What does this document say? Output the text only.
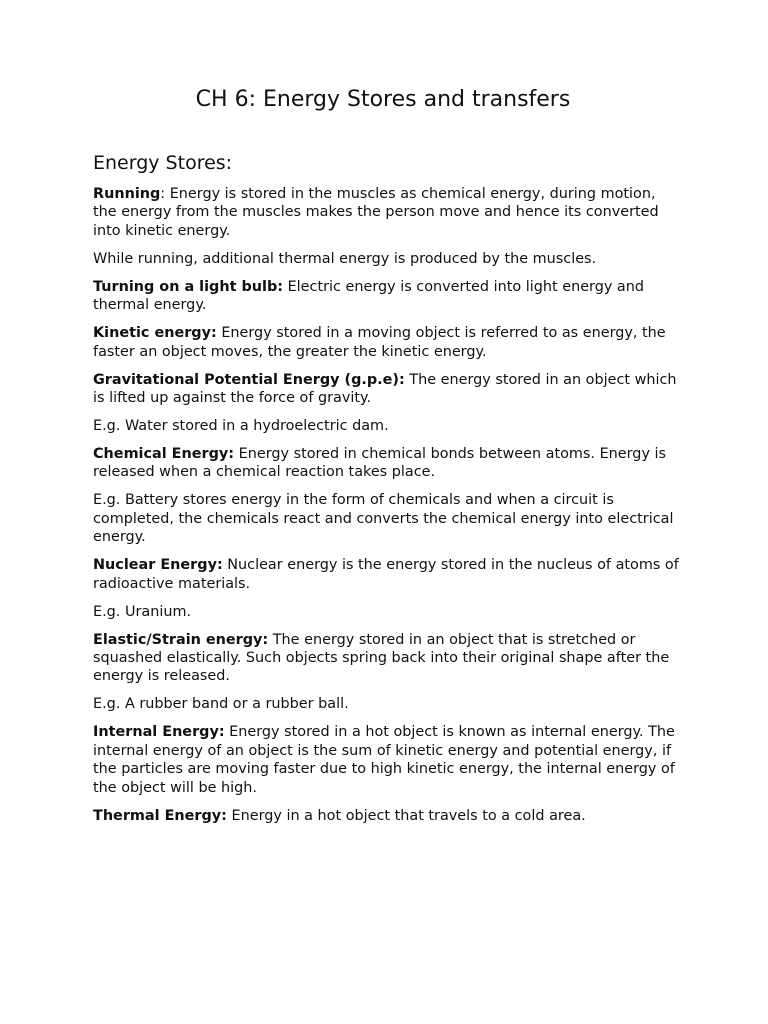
CH 6: Energy Stores and transfers
Energy Stores:

Running: Energy is stored in the muscles as chemical energy, during motion, the energy from the muscles makes the person move and hence its converted into kinetic energy.

While running, additional thermal energy is produced by the muscles.

Turning on a light bulb: Electric energy is converted into light energy and thermal energy.

Kinetic energy: Energy stored in a moving object is referred to as energy, the faster an object moves, the greater the kinetic energy.

Gravitational Potential Energy (g.p.e): The energy stored in an object which is lifted up against the force of gravity.

E.g. Water stored in a hydroelectric dam.

Chemical Energy: Energy stored in chemical bonds between atoms. Energy is released when a chemical reaction takes place.

E.g. Battery stores energy in the form of chemicals and when a circuit is completed, the chemicals react and converts the chemical energy into electrical energy.

Nuclear Energy: Nuclear energy is the energy stored in the nucleus of atoms of radioactive materials.

E.g. Uranium.

Elastic/Strain energy: The energy stored in an object that is stretched or squashed elastically. Such objects spring back into their original shape after the energy is released.

E.g. A rubber band or a rubber ball.

Internal Energy: Energy stored in a hot object is known as internal energy. The internal energy of an object is the sum of kinetic energy and potential energy, if the particles are moving faster due to high kinetic energy, the internal energy of the object will be high.

Thermal Energy: Energy in a hot object that travels to a cold area.
